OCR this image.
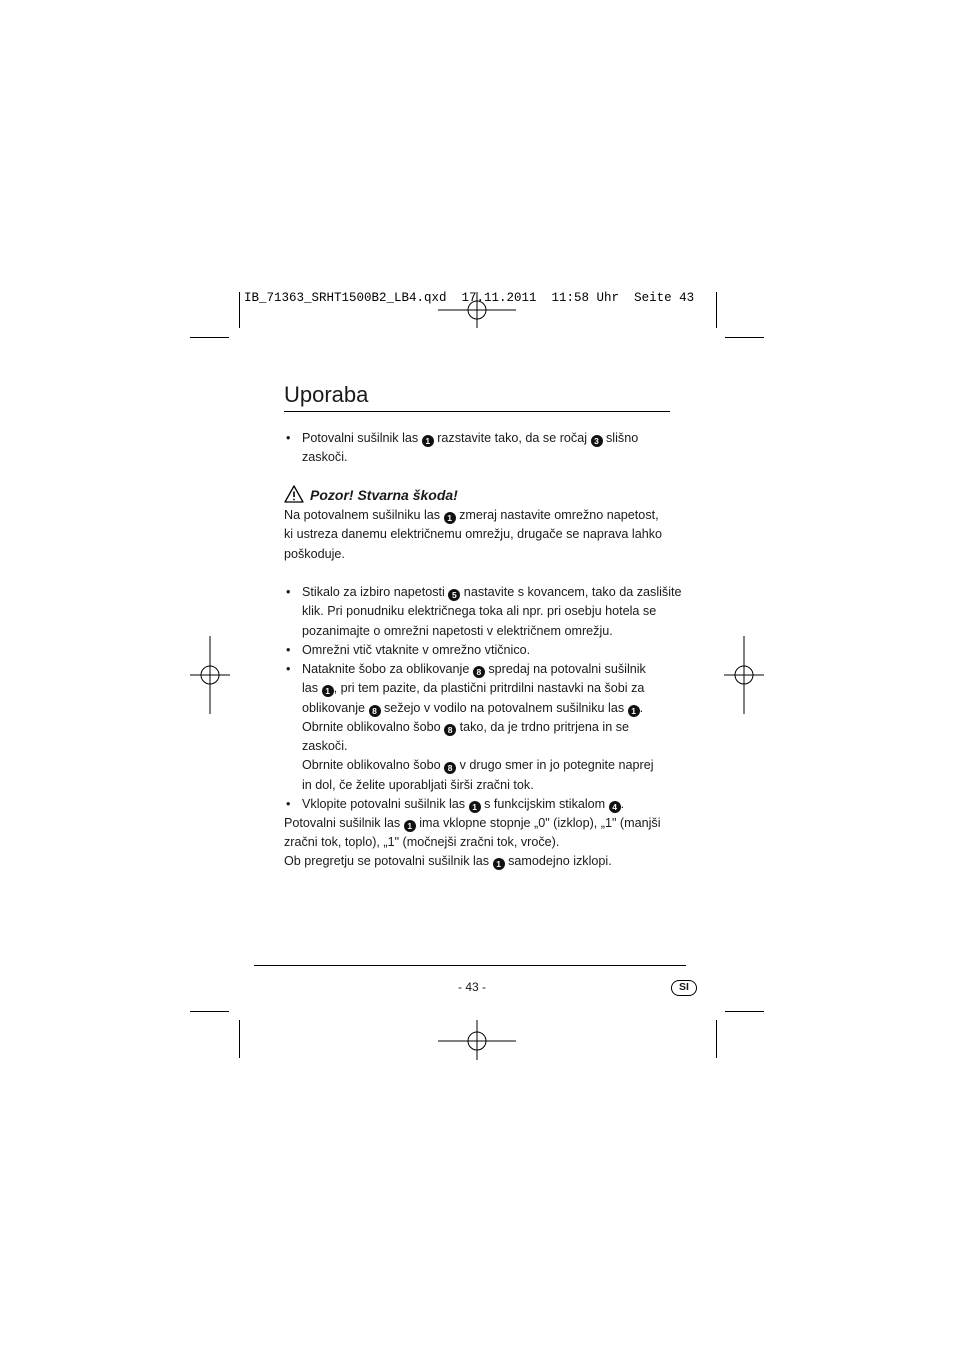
IB_71363_SRHT1500B2_LB4.qxd  17.11.2011  11:58 Uhr  Seite 43
Uporaba
• Potovalni sušilnik las 1 razstavite tako, da se ročaj 3 slišno
zaskoči.
Pozor! Stvarna škoda!
Na potovalnem sušilniku las 1 zmeraj nastavite omrežno napetost,
ki ustreza danemu električnemu omrežju, drugače se naprava lahko
poškoduje.
• Stikalo za izbiro napetosti 5 nastavite s kovancem, tako da zaslišite
klik. Pri ponudniku električnega toka ali npr. pri osebju hotela se
pozanimajte o omrežni napetosti v električnem omrežju.
• Omrežni vtič vtaknite v omrežno vtičnico.
• Nataknite šobo za oblikovanje 8 spredaj na potovalni sušilnik
las 1 , pri tem pazite, da plastični pritrdilni nastavki na šobi za
oblikovanje 8 sežejo v vodilo na potovalnem sušilniku las 1 .
Obrnite oblikovalno šobo 8 tako, da je trdno pritrjena in se
zaskoči.
Obrnite oblikovalno šobo 8 v drugo smer in jo potegnite naprej
in dol, če želite uporabljati širši zračni tok.
• Vklopite potovalni sušilnik las 1 s funkcijskim stikalom 4 .
Potovalni sušilnik las 1 ima vklopne stopnje „0" (izklop), „1" (manjši
zračni tok, toplo), „1" (močnejši zračni tok, vroče).
Ob pregretju se potovalni sušilnik las 1 samodejno izklopi.
- 43 -	SI
